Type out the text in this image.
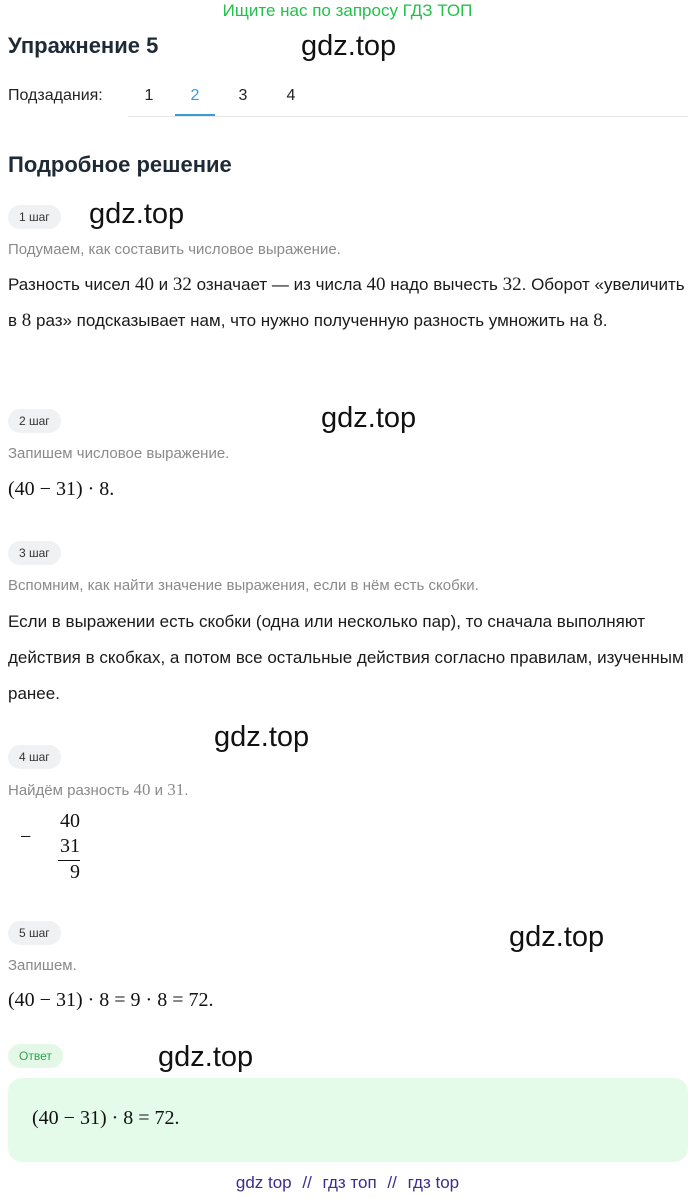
Ищите нас по запросу ГДЗ ТОП
Упражнение 5	gdz.top
gdz.top
gdz.top
gdz.top
gdz.top
gdz.top
Подзадания:	1	2	3	4
Подробное решение
1 шаг
Подумаем, как составить числовое выражение.
Разность чисел 40 и 32 означает — из числа 40 надо вычесть 32. Оборот «увеличить в 8 раз» подсказывает нам, что нужно полученную разность умножить на 8.
2 шаг
Запишем числовое выражение.
(40 − 31) · 8.
3 шаг
Вспомним, как найти значение выражения, если в нём есть скобки.
Если в выражении есть скобки (одна или несколько пар), то сначала выполняют действия в скобках, а потом все остальные действия согласно правилам, изученным ранее.
4 шаг
Найдём разность 40 и 31.
−
40
31
9
5 шаг
Запишем.
(40 − 31) · 8 = 9 · 8 = 72.
Ответ
(40 − 31) · 8 = 72.
gdz top // гдз топ // гдз top
